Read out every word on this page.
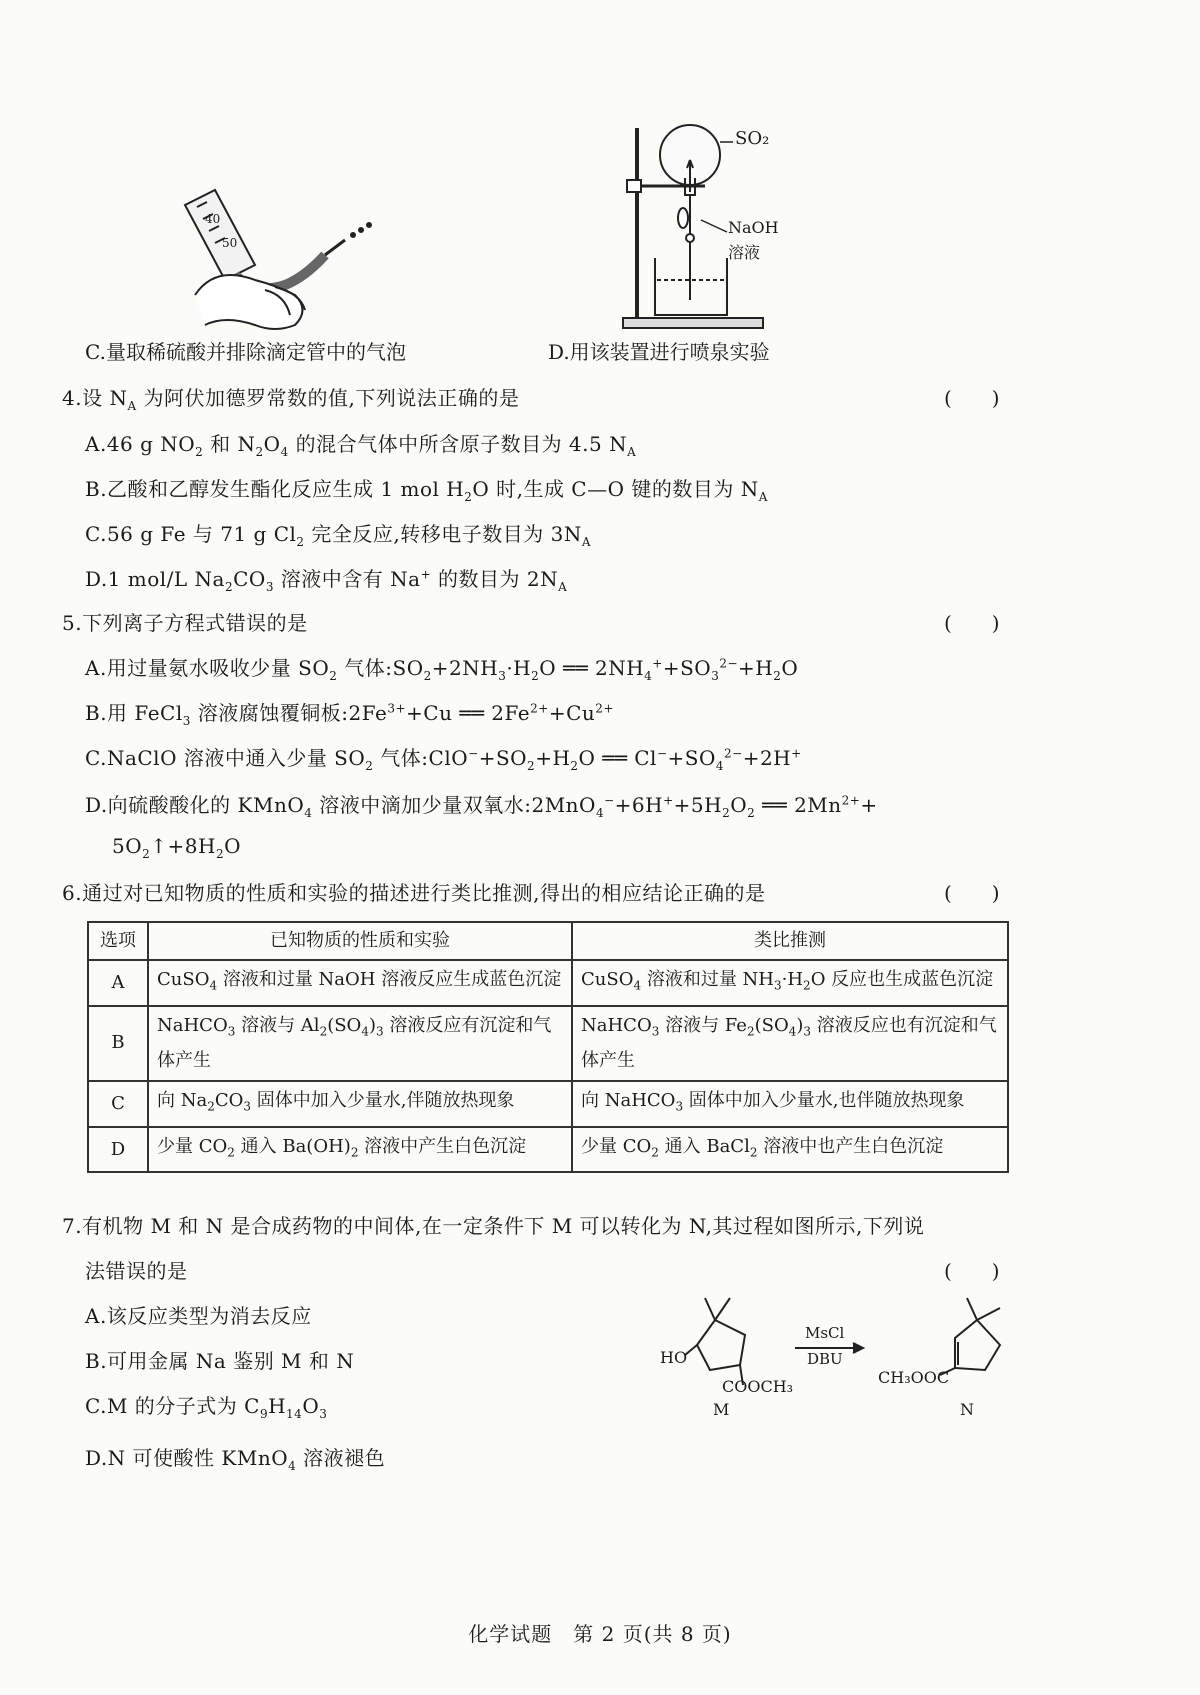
40
50
SO₂
NaOH
溶液
C.量取稀硫酸并排除滴定管中的气泡	D.用该装置进行喷泉实验
4.设 $N_A$ 为阿伏加德罗常数的值,下列说法正确的是	(　　)
A.46 g $NO_2$ 和 $N_2O_4$ 的混合气体中所含原子数目为 4.5 $N_A$
B.乙酸和乙醇发生酯化反应生成 1 mol $H_2O$ 时,生成 C—O 键的数目为 $N_A$
C.56 g Fe 与 71 g $Cl_2$ 完全反应,转移电子数目为 $3N_A$
D.1 mol/L $Na_2CO_3$ 溶液中含有 Na+ 的数目为 $2N_A$
5.下列离子方程式错误的是	(　　)
A.用过量氨水吸收少量 $SO_2$ 气体$:SO_2+2NH_3\cdot H_2O$ ══ $2NH_4^++SO_3^{2-}+H_2O$
B.用 FeCl$_3$ 溶液腐蚀覆铜板$:2Fe^{3+}+Cu$ ══ $2Fe^{2+}+Cu^{2+}$
C.NaClO 溶液中通入少量 $SO_2$ 气体$:ClO^-+SO_2+H_2O$ ══ $Cl^-+SO_4^{2-}+2H^+$
D.向硫酸酸化的 KMnO$_4$ 溶液中滴加少量双氧水$:2MnO_4^-+6H^++5H_2O_2$ ══ $2Mn^{2+}+$
$5O_2↑+8H_2O$
6.通过对已知物质的性质和实验的描述进行类比推测,得出的相应结论正确的是	(　　)
选项	已知物质的性质和实验	类比推测
A	CuSO$_4$ 溶液和过量 NaOH 溶液反应生成蓝色沉淀	CuSO$_4$ 溶液和过量 $NH_3\cdot H_2O$ 反应也生成蓝色沉淀
B	NaHCO$_3$ 溶液与 $Al_2(SO_4)_3$ 溶液反应有沉淀和气体产生	NaHCO$_3$ 溶液与 $Fe_2(SO_4)_3$ 溶液反应也有沉淀和气体产生
C	向 $Na_2CO_3$ 固体中加入少量水,伴随放热现象	向 NaHCO$_3$ 固体中加入少量水,也伴随放热现象
D	少量 $CO_2$ 通入 $Ba(OH)_2$ 溶液中产生白色沉淀	少量 $CO_2$ 通入 BaCl$_2$ 溶液中也产生白色沉淀
7.有机物 M 和 N 是合成药物的中间体,在一定条件下 M 可以转化为 N,其过程如图所示,下列说
法错误的是	(　　)
A.该反应类型为消去反应
B.可用金属 Na 鉴别 M 和 N
C.M 的分子式为 $C_9H_{14}O_3$
D.N 可使酸性 KMnO$_4$ 溶液褪色
HO
COOCH₃
MsCl
DBU
CH₃OOC
M	N
化学试题　第 2 页(共 8 页)
